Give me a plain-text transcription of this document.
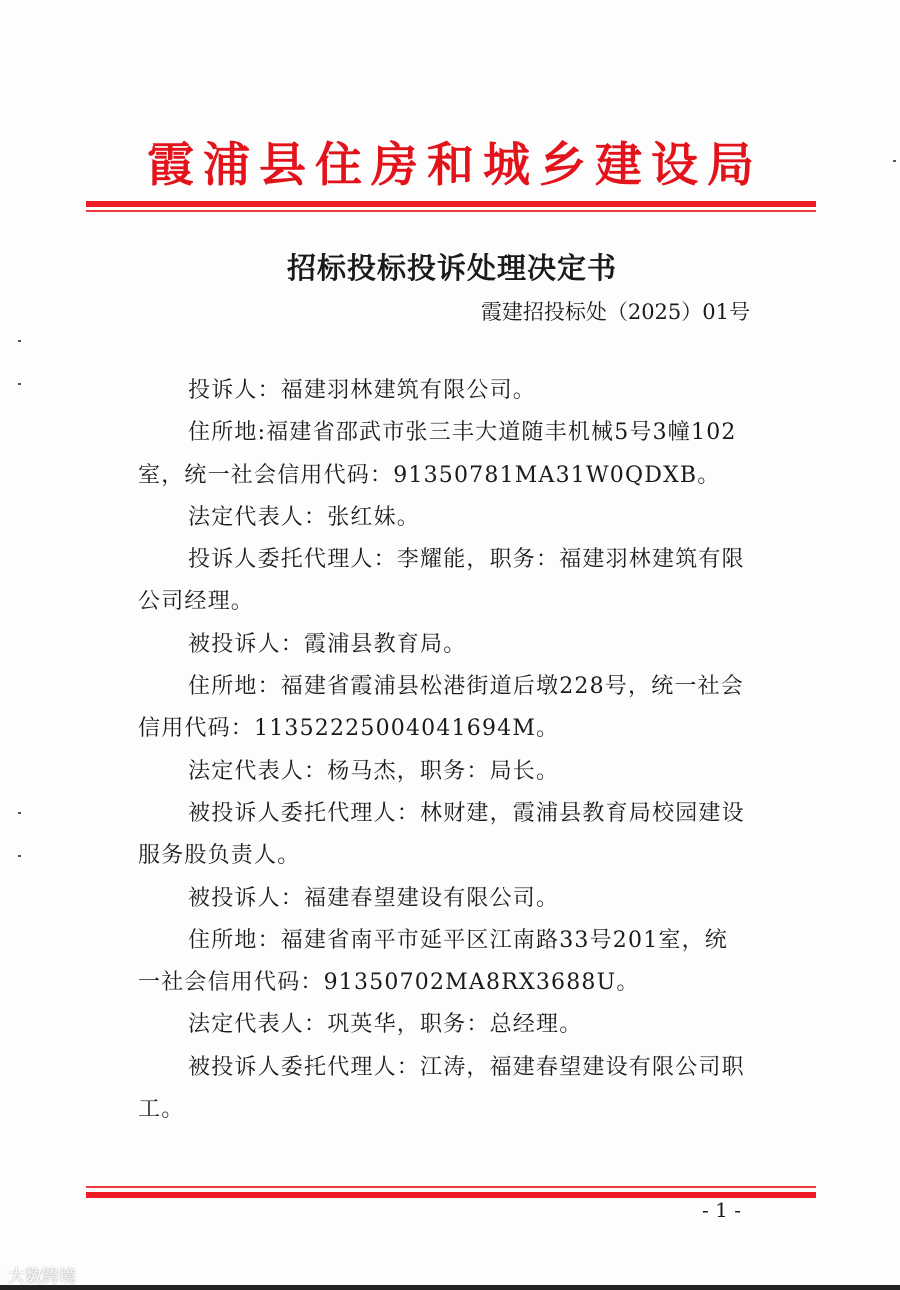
霞浦县住房和城乡建设局
招标投标投诉处理决定书
霞建招投标处（2025）01号
投诉人：福建羽林建筑有限公司。
住所地:福建省邵武市张三丰大道随丰机械5号3幢102
室，统一社会信用代码：91350781MA31W0QDXB。
法定代表人：张红妹。
投诉人委托代理人：李耀能，职务：福建羽林建筑有限
公司经理。
被投诉人：霞浦县教育局。
住所地：福建省霞浦县松港街道后墩228号，统一社会
信用代码：11352225004041694M。
法定代表人：杨马杰，职务：局长。
被投诉人委托代理人：林财建，霞浦县教育局校园建设
服务股负责人。
被投诉人：福建春望建设有限公司。
住所地：福建省南平市延平区江南路33号201室，统
一社会信用代码：91350702MA8RX3688U。
法定代表人：巩英华，职务：总经理。
被投诉人委托代理人：江涛，福建春望建设有限公司职
工。
- 1 -
大数跨境
